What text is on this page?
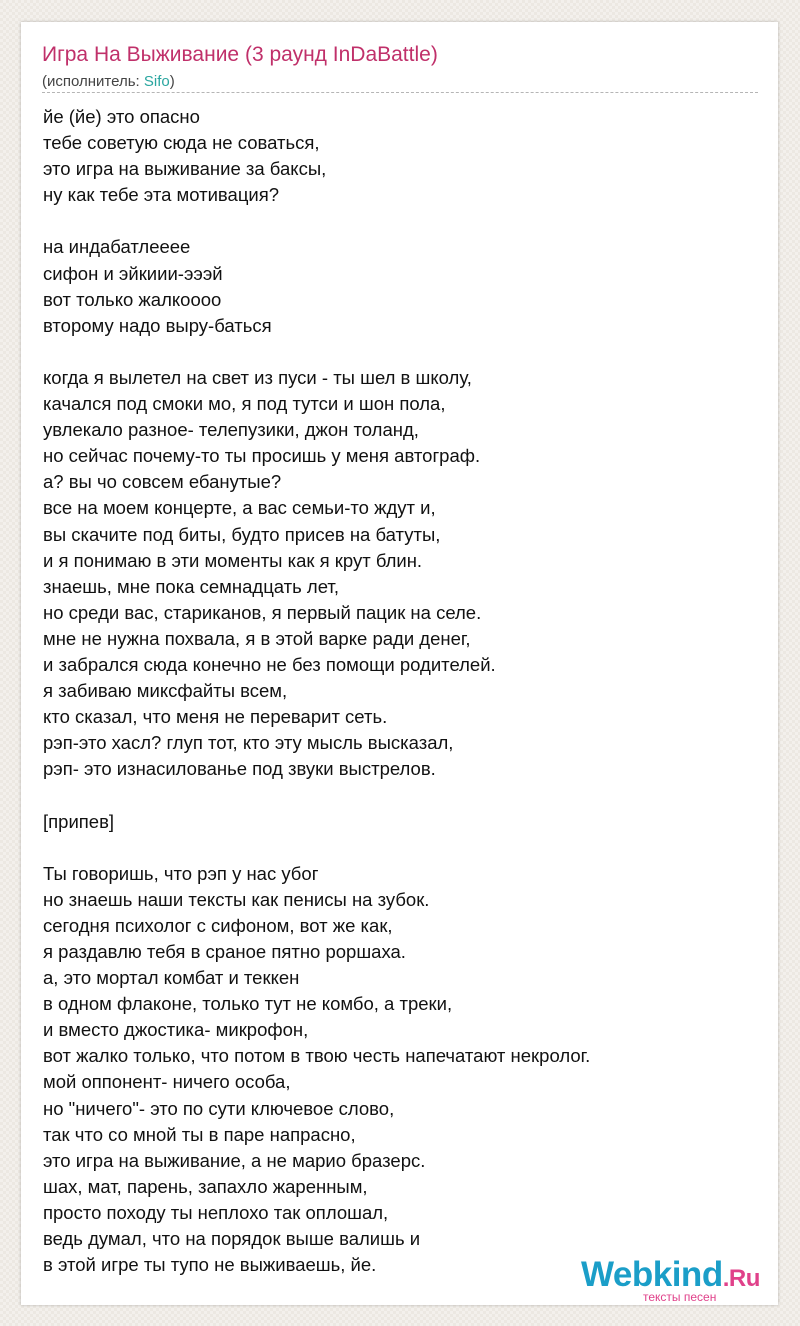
Игра На Выживание (3 раунд InDaBattle)
(исполнитель: Sifo)
йе (йе) это опасно
тебе советую сюда не соваться,
это игра на выживание за баксы,
ну как тебе эта мотивация?
на индабатлеееe
сифон и эйкиии-эээй
вот только жалкоооо
второму надо выру-баться
когда я вылетел на свет из пуси - ты шел в школу,
качался под смоки мо, я под тутси и шон пола,
увлекало разное- телепузики, джон толанд,
но сейчас почему-то ты просишь у меня автограф.
а? вы чо совсем ебанутые?
все на моем концерте, а вас семьи-то ждут и,
вы скачите под биты, будто присев на батуты,
и я понимаю в эти моменты как я крут блин.
знаешь, мне пока семнадцать лет,
но среди вас, стариканов, я первый пацик на селе.
мне не нужна похвала, я в этой варке ради денег,
и забрался сюда конечно не без помощи родителей.
я забиваю миксфайты всем,
кто сказал, что меня не переварит сеть.
рэп-это хасл? глуп тот, кто эту мысль высказал,
рэп- это изнасилованье под звуки выстрелов.
[припев]
Ты говоришь, что рэп у нас убог
но знаешь наши тексты как пенисы на зубок.
сегодня психолог с сифоном, вот же как,
я раздавлю тебя в сраное пятно роршаха.
а, это мортал комбат и теккен
в одном флаконе, только тут не комбо, а треки,
и вместо джостика- микрофон,
вот жалко только, что потом в твою честь напечатают некролог.
мой оппонент- ничего особа,
но "ничего"- это по сути ключевое слово,
так что со мной ты в паре напрасно,
это игра на выживание, а не марио бразерс.
шах, мат, парень, запахло жаренным,
просто походу ты неплохо так оплошал,
ведь думал, что на порядок выше валишь и
в этой игре ты тупо не выживаешь, йе.	Webkind.Ru
тексты песен
